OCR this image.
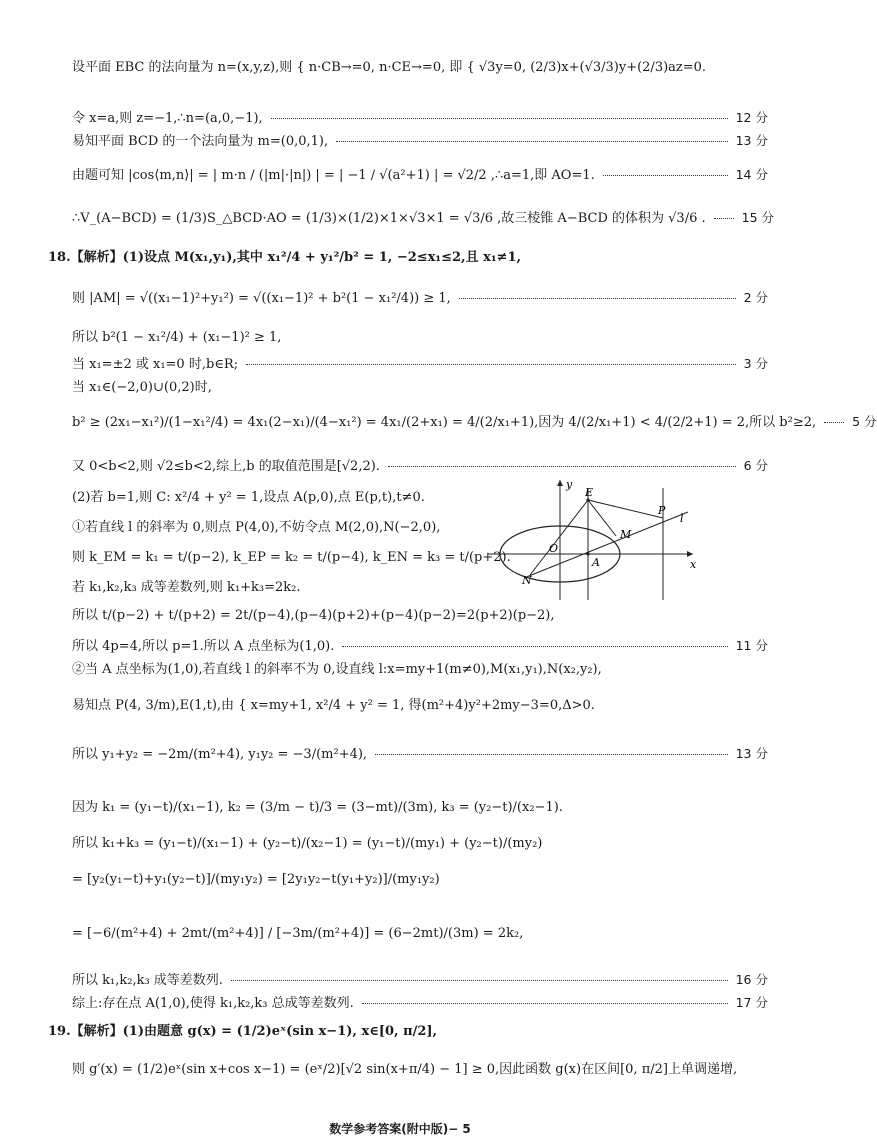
设平面 EBC 的法向量为 n=(x,y,z),则 { n·CB→=0, n·CE→=0, 即 { √3y=0, (2/3)x+(√3/3)y+(2/3)az=0.
令 x=a,则 z=−1,∴n=(a,0,−1),	12 分
易知平面 BCD 的一个法向量为 m=(0,0,1),	13 分
由题可知 |cos⟨m,n⟩| = | m·n / (|m|·|n|) | = | −1 / √(a²+1) | = √2/2 ,∴a=1,即 AO=1.	14 分
∴V_(A−BCD) = (1/3)S_△BCD·AO = (1/3)×(1/2)×1×√3×1 = √3/6 ,故三棱锥 A−BCD 的体积为 √3/6 .	15 分
18.【解析】(1)设点 M(x₁,y₁),其中 x₁²/4 + y₁²/b² = 1, −2≤x₁≤2,且 x₁≠1,
则 |AM| = √((x₁−1)²+y₁²) = √((x₁−1)² + b²(1 − x₁²/4)) ≥ 1,	2 分
所以 b²(1 − x₁²/4) + (x₁−1)² ≥ 1,
当 x₁=±2 或 x₁=0 时,b∈R;	3 分
当 x₁∈(−2,0)∪(0,2)时,
b² ≥ (2x₁−x₁²)/(1−x₁²/4) = 4x₁(2−x₁)/(4−x₁²) = 4x₁/(2+x₁) = 4/(2/x₁+1),因为 4/(2/x₁+1) < 4/(2/2+1) = 2,所以 b²≥2,	5 分
又 0<b<2,则 √2≤b<2,综上,b 的取值范围是[√2,2).	6 分
(2)若 b=1,则 C: x²/4 + y² = 1,设点 A(p,0),点 E(p,t),t≠0.
①若直线 l 的斜率为 0,则点 P(4,0),不妨令点 M(2,0),N(−2,0),
则 k_EM = k₁ = t/(p−2), k_EP = k₂ = t/(p−4), k_EN = k₃ = t/(p+2).
若 k₁,k₂,k₃ 成等差数列,则 k₁+k₃=2k₂.
所以 t/(p−2) + t/(p+2) = 2t/(p−4),(p−4)(p+2)+(p−4)(p−2)=2(p+2)(p−2),
所以 4p=4,所以 p=1.所以 A 点坐标为(1,0).	11 分
②当 A 点坐标为(1,0),若直线 l 的斜率不为 0,设直线 l:x=my+1(m≠0),M(x₁,y₁),N(x₂,y₂),
易知点 P(4, 3/m),E(1,t),由 { x=my+1, x²/4 + y² = 1, 得(m²+4)y²+2my−3=0,Δ>0.
所以 y₁+y₂ = −2m/(m²+4), y₁y₂ = −3/(m²+4),	13 分
因为 k₁ = (y₁−t)/(x₁−1), k₂ = (3/m − t)/3 = (3−mt)/(3m), k₃ = (y₂−t)/(x₂−1).
所以 k₁+k₃ = (y₁−t)/(x₁−1) + (y₂−t)/(x₂−1) = (y₁−t)/(my₁) + (y₂−t)/(my₂)
= [y₂(y₁−t)+y₁(y₂−t)]/(my₁y₂) = [2y₁y₂−t(y₁+y₂)]/(my₁y₂)
= [−6/(m²+4) + 2mt/(m²+4)] / [−3m/(m²+4)] = (6−2mt)/(3m) = 2k₂,
所以 k₁,k₂,k₃ 成等差数列.	16 分
综上:存在点 A(1,0),使得 k₁,k₂,k₃ 总成等差数列.	17 分
19.【解析】(1)由题意 g(x) = (1/2)eˣ(sin x−1), x∈[0, π/2],
则 g′(x) = (1/2)eˣ(sin x+cos x−1) = (eˣ/2)[√2 sin(x+π/4) − 1] ≥ 0,因此函数 g(x)在区间[0, π/2]上单调递增,
y
x
E
P
l
M
O
A
N
数学参考答案(附中版)− 5
